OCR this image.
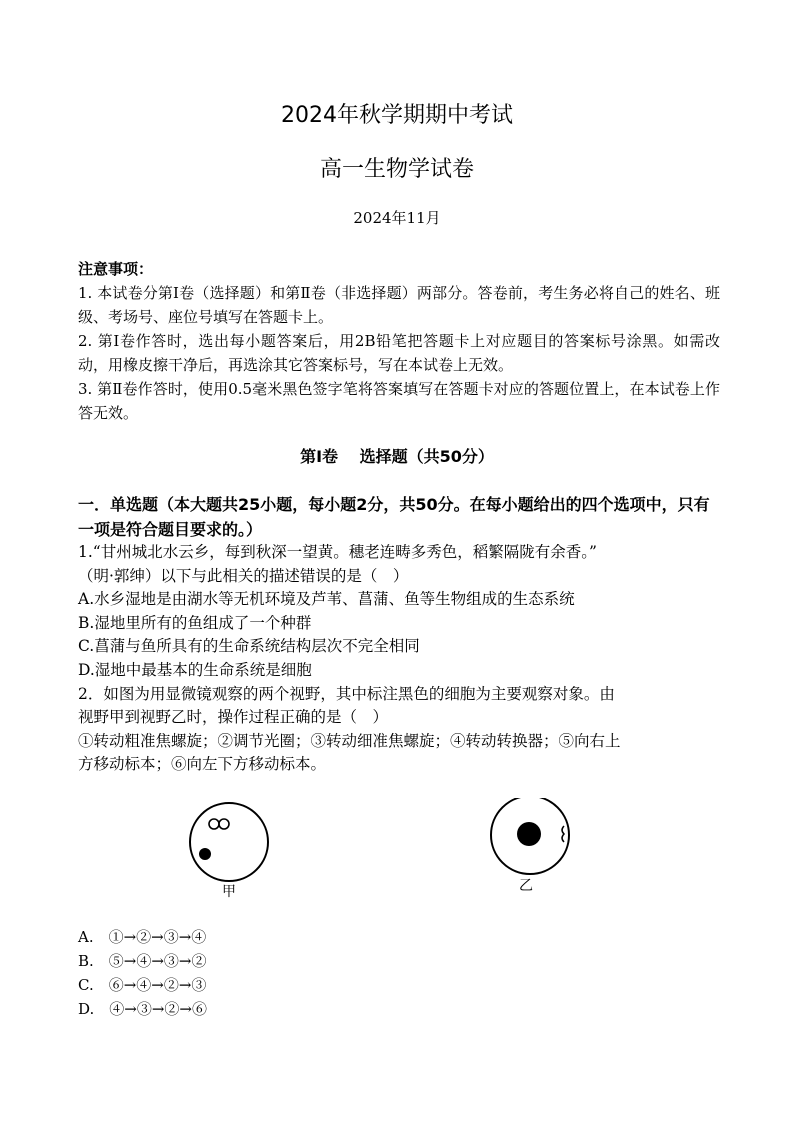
2024年秋学期期中考试
高一生物学试卷
2024年11月

注意事项：

1. 本试卷分第Ⅰ卷（选择题）和第Ⅱ卷（非选择题）两部分。答卷前，考生务必将自己的姓名、班级、考场号、座位号填写在答题卡上。

2. 第Ⅰ卷作答时，选出每小题答案后，用2B铅笔把答题卡上对应题目的答案标号涂黑。如需改动，用橡皮擦干净后，再选涂其它答案标号，写在本试卷上无效。

3. 第Ⅱ卷作答时，使用0.5毫米黑色签字笔将答案填写在答题卡对应的答题位置上，在本试卷上作答无效。

第Ⅰ卷　 选择题（共50分）
一．单选题（本大题共25小题，每小题2分，共50分。在每小题给出的四个选项中，只有一项是符合题目要求的。）

1.“甘州城北水云乡，每到秋深一望黄。穗老连畴多秀色，稻繁隔陇有余香。”

（明·郭绅）以下与此相关的描述错误的是（　）

A.水乡湿地是由湖水等无机环境及芦苇、菖蒲、鱼等生物组成的生态系统

B.湿地里所有的鱼组成了一个种群

C.菖蒲与鱼所具有的生命系统结构层次不完全相同

D.湿地中最基本的生命系统是细胞

2．如图为用显微镜观察的两个视野，其中标注黑色的细胞为主要观察对象。由

视野甲到视野乙时，操作过程正确的是（　）

①转动粗准焦螺旋；②调节光圈；③转动细准焦螺旋；④转动转换器；⑤向右上

方移动标本；⑥向左下方移动标本。

甲	乙

A.　①→②→③→④

B.　⑤→④→③→②

C.　⑥→④→②→③

D.　④→③→②→⑥
